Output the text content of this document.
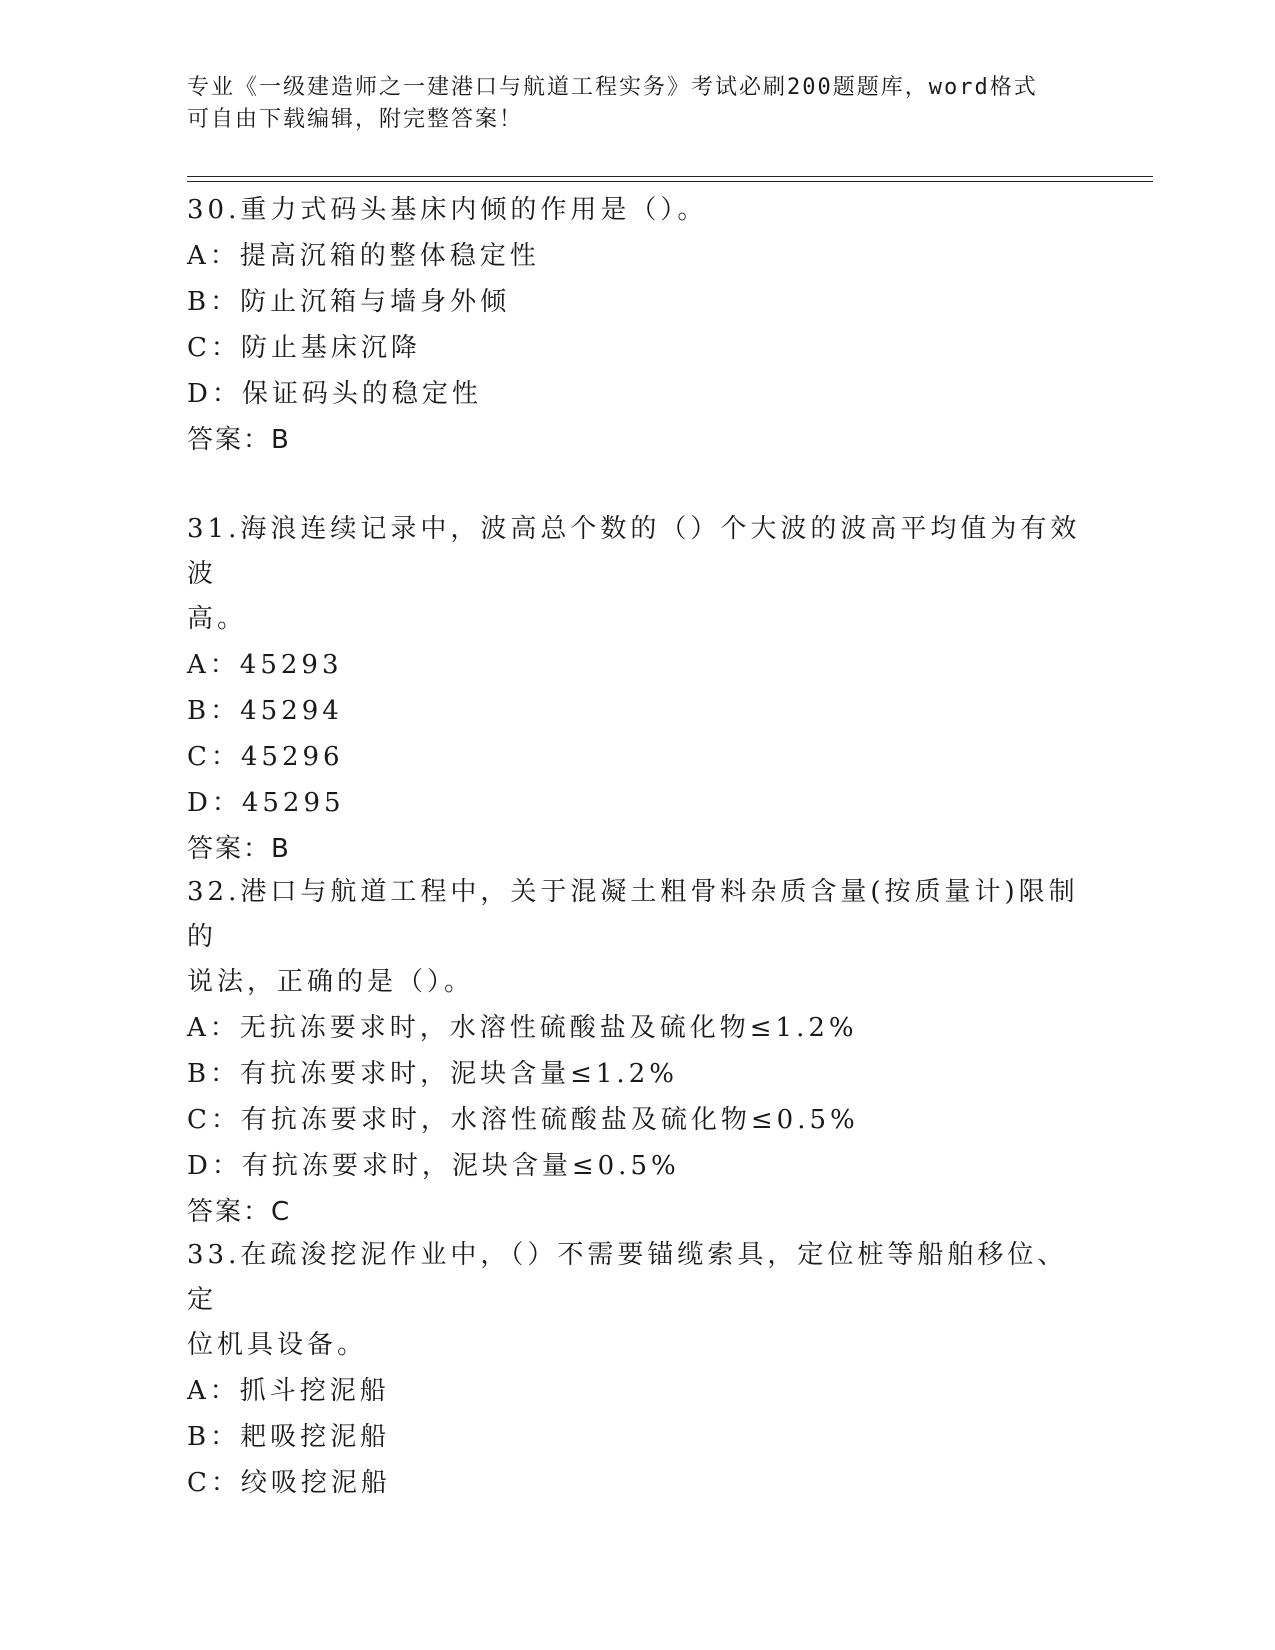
专业《一级建造师之一建港口与航道工程实务》考试必刷200题题库，word格式
可自由下载编辑，附完整答案！
30.重力式码头基床内倾的作用是（）。
A：提高沉箱的整体稳定性
B：防止沉箱与墙身外倾
C：防止基床沉降
D：保证码头的稳定性
答案：B
31.海浪连续记录中，波高总个数的（）个大波的波高平均值为有效波
高。
A：45293
B：45294
C：45296
D：45295
答案：B
32.港口与航道工程中，关于混凝土粗骨料杂质含量(按质量计)限制的
说法，正确的是（）。
A：无抗冻要求时，水溶性硫酸盐及硫化物≤1.2%
B：有抗冻要求时，泥块含量≤1.2%
C：有抗冻要求时，水溶性硫酸盐及硫化物≤0.5%
D：有抗冻要求时，泥块含量≤0.5%
答案：C
33.在疏浚挖泥作业中，（）不需要锚缆索具，定位桩等船舶移位、定
位机具设备。
A：抓斗挖泥船
B：耙吸挖泥船
C：绞吸挖泥船
